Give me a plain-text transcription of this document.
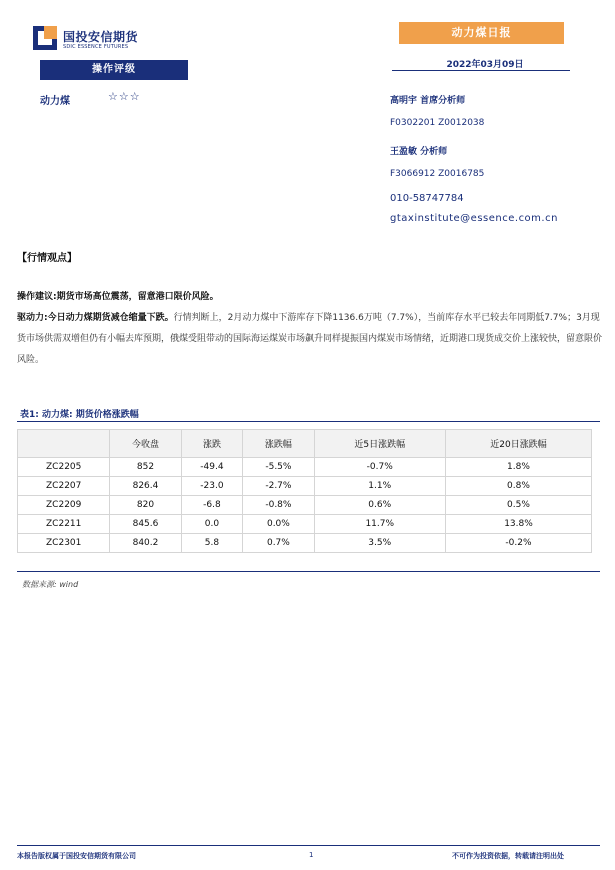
国投安信期货
SDIC ESSENCE FUTURES
动力煤日报
2022年03月09日
操作评级
动力煤	☆☆☆	高明宇 首席分析师
F0302201 Z0012038
王盈敏 分析师
F3066912 Z0016785
010-58747784
gtaxinstitute@essence.com.cn
【行情观点】
操作建议:期货市场高位震荡，留意港口限价风险。
驱动力:今日动力煤期货减仓缩量下跌。行情判断上，2月动力煤中下游库存下降1136.6万吨（7.7%），当前库存水平已较去年同期低7.7%；3月现货市场供需双增但仍有小幅去库预期，俄煤受阻带动的国际海运煤炭市场飙升同样提振国内煤炭市场情绪，近期港口现货成交价上涨较快，留意限价风险。
表1: 动力煤: 期货价格涨跌幅
	今收盘	涨跌	涨跌幅	近5日涨跌幅	近20日涨跌幅
ZC2205	852	-49.4	-5.5%	-0.7%	1.8%
ZC2207	826.4	-23.0	-2.7%	1.1%	0.8%
ZC2209	820	-6.8	-0.8%	0.6%	0.5%
ZC2211	845.6	0.0	0.0%	11.7%	13.8%
ZC2301	840.2	5.8	0.7%	3.5%	-0.2%
数据来源: wind
本报告版权属于国投安信期货有限公司	1	不可作为投资依据，转载请注明出处
